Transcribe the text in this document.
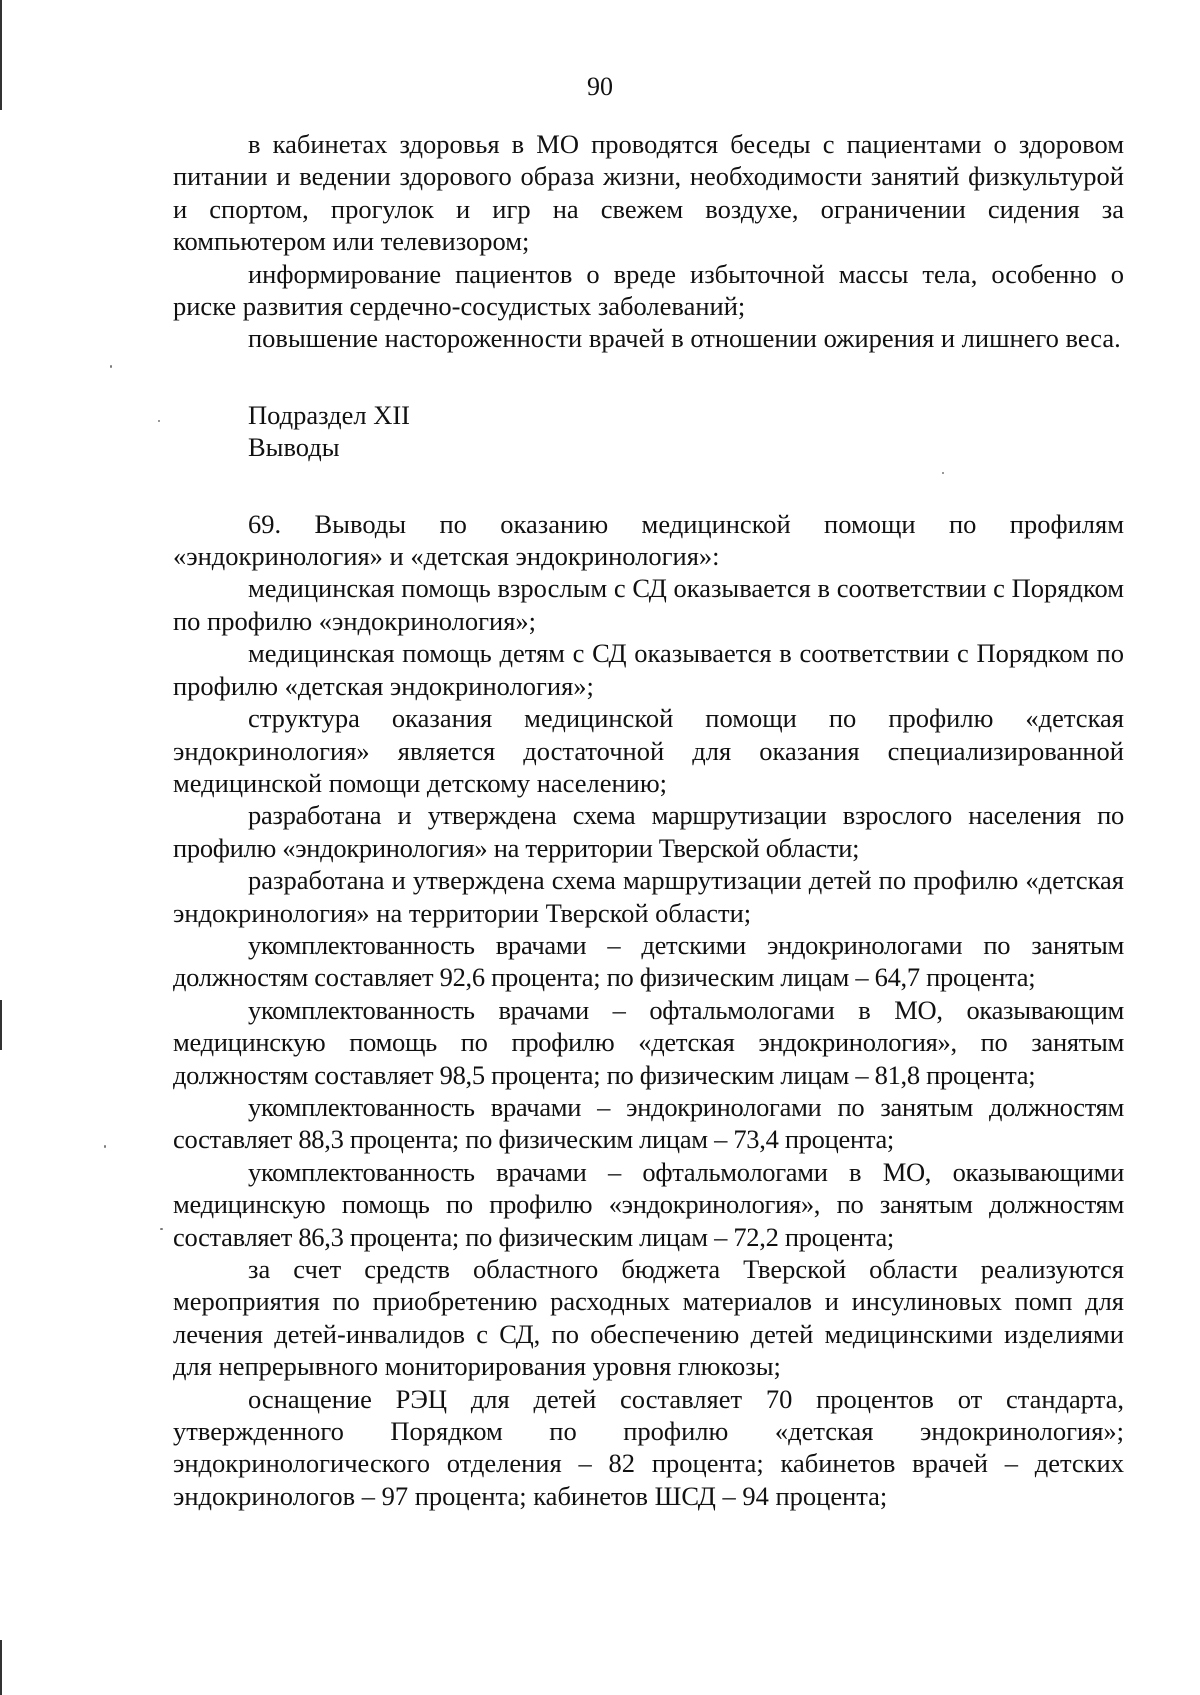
90

в кабинетах здоровья в МО проводятся беседы с пациентами о здоровом питании и ведении здорового образа жизни, необходимости занятий физкультурой и спортом, прогулок и игр на свежем воздухе, ограничении сидения за компьютером или телевизором;

информирование пациентов о вреде избыточной массы тела, особенно о риске развития сердечно-сосудистых заболеваний;

повышение настороженности врачей в отношении ожирения и лишнего веса.

Подраздел XII

Выводы

69. Выводы по оказанию медицинской помощи по профилям «эндокринология» и «детская эндокринология»:

медицинская помощь взрослым с СД оказывается в соответствии с Порядком по профилю «эндокринология»;

медицинская помощь детям с СД оказывается в соответствии с Порядком по профилю «детская эндокринология»;

структура оказания медицинской помощи по профилю «детская эндокринология» является достаточной для оказания специализированной медицинской помощи детскому населению;

разработана и утверждена схема маршрутизации взрослого населения по профилю «эндокринология» на территории Тверской области;

разработана и утверждена схема маршрутизации детей по профилю «детская эндокринология» на территории Тверской области;

укомплектованность врачами – детскими эндокринологами по занятым должностям составляет 92,6 процента; по физическим лицам – 64,7 процента;

укомплектованность врачами – офтальмологами в МО, оказывающим медицинскую помощь по профилю «детская эндокринология», по занятым должностям составляет 98,5 процента; по физическим лицам – 81,8 процента;

укомплектованность врачами – эндокринологами по занятым должностям составляет 88,3 процента; по физическим лицам – 73,4 процента;

укомплектованность врачами – офтальмологами в МО, оказывающими медицинскую помощь по профилю «эндокринология», по занятым должностям составляет 86,3 процента; по физическим лицам – 72,2 процента;

за счет средств областного бюджета Тверской области реализуются мероприятия по приобретению расходных материалов и инсулиновых помп для лечения детей-инвалидов с СД, по обеспечению детей медицинскими изделиями для непрерывного мониторирования уровня глюкозы;

оснащение РЭЦ для детей составляет 70 процентов от стандарта, утвержденного Порядком по профилю «детская эндокринология»; эндокринологического отделения – 82 процента; кабинетов врачей – детских эндокринологов – 97 процента; кабинетов ШСД – 94 процента;
